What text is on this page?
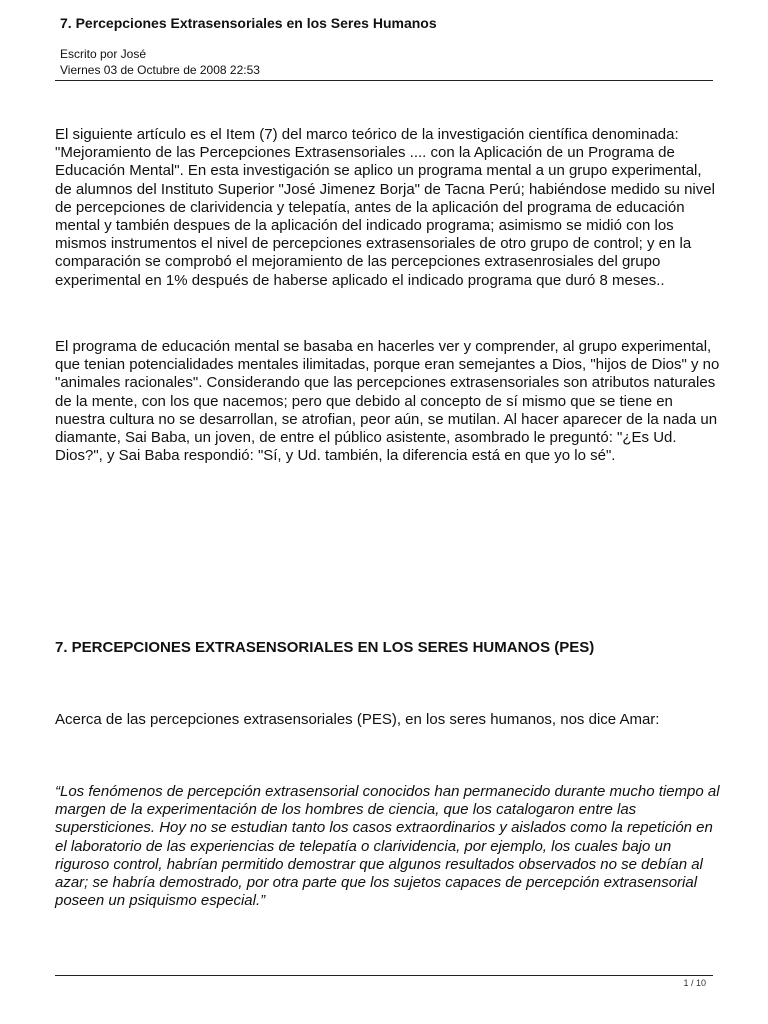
7. Percepciones Extrasensoriales en los Seres Humanos
Escrito por José
Viernes 03 de Octubre de 2008 22:53

El siguiente artículo es el Item (7) del marco teórico de la investigación científica denominada: "Mejoramiento de las Percepciones Extrasensoriales .... con la Aplicación de un Programa de Educación Mental". En esta investigación se aplico un programa mental a un grupo experimental, de alumnos del Instituto Superior "José Jimenez Borja" de Tacna Perú; habiéndose medido su nivel de percepciones de clarividencia y telepatía, antes de la aplicación del programa de educación mental y también despues de la aplicación del indicado programa; asimismo se midió con los mismos instrumentos el nivel de percepciones extrasensoriales de otro grupo de control; y en la comparación se comprobó el mejoramiento de las percepciones extrasenrosiales del grupo experimental en 1% después de haberse aplicado el indicado programa que duró 8 meses..

El programa de educación mental se basaba en hacerles ver y comprender, al grupo experimental, que tenian potencialidades mentales ilimitadas, porque eran semejantes a Dios, "hijos de Dios" y no "animales racionales". Considerando que las percepciones extrasensoriales son atributos naturales de la mente, con los que nacemos; pero que debido al concepto de sí mismo que se tiene en nuestra cultura no se desarrollan, se atrofian, peor aún, se mutilan. Al hacer aparecer de la nada un diamante, Sai Baba, un joven, de entre el público asistente, asombrado le preguntó: "¿Es Ud. Dios?", y Sai Baba respondió: "Sí, y Ud. también, la diferencia está en que yo lo sé".

7. PERCEPCIONES EXTRASENSORIALES EN LOS SERES HUMANOS (PES)

Acerca de las percepciones extrasensoriales (PES), en los seres humanos, nos dice Amar:

“Los fenómenos de percepción extrasensorial conocidos han permanecido durante mucho tiempo al margen de la experimentación de los hombres de ciencia, que los catalogaron entre las supersticiones. Hoy no se estudian tanto los casos extraordinarios y aislados como la repetición en el laboratorio de las experiencias de telepatía o clarividencia, por ejemplo, los cuales bajo un riguroso control, habrían permitido demostrar que algunos resultados observados no se debían al azar; se habría demostrado, por otra parte que los sujetos capaces de percepción extrasensorial poseen un psiquismo especial.”

1 / 10
